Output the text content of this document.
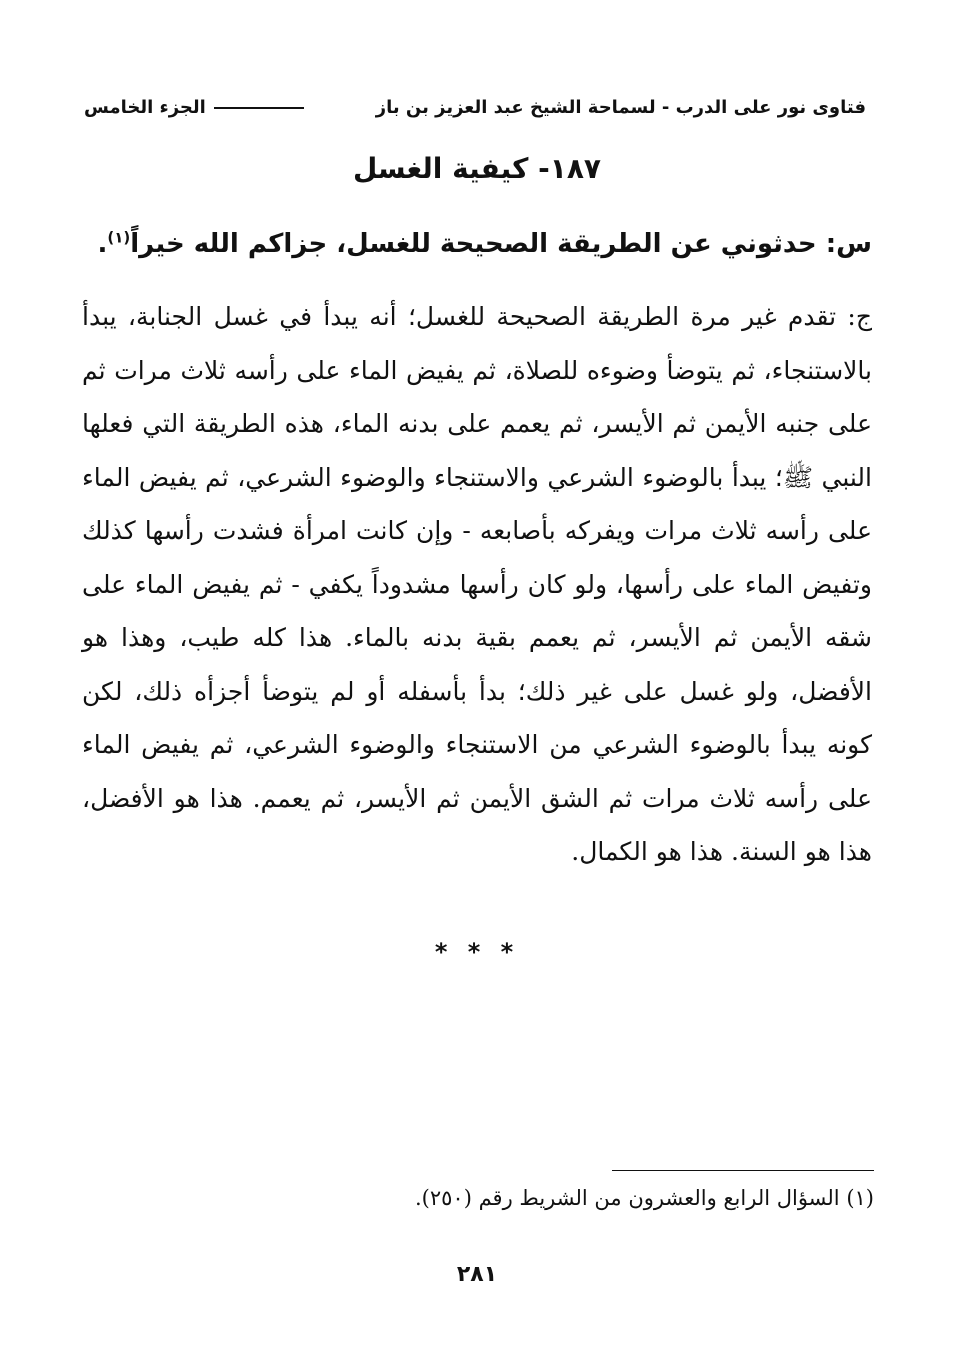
فتاوى نور على الدرب - لسماحة الشيخ عبد العزيز بن باز
الجزء الخامس
١٨٧- كيفية الغسل
س: حدثوني عن الطريقة الصحيحة للغسل، جزاكم الله خيراً$^{(١)}$.
ج: تقدم غير مرة الطريقة الصحيحة للغسل؛ أنه يبدأ في غسل الجنابة، يبدأ بالاستنجاء، ثم يتوضأ وضوءه للصلاة، ثم يفيض الماء على رأسه ثلاث مرات ثم على جنبه الأيمن ثم الأيسر، ثم يعمم على بدنه الماء، هذه الطريقة التي فعلها النبي ﷺ؛ يبدأ بالوضوء الشرعي والاستنجاء والوضوء الشرعي، ثم يفيض الماء على رأسه ثلاث مرات ويفركه بأصابعه - وإن كانت امرأة فشدت رأسها كذلك وتفيض الماء على رأسها، ولو كان رأسها مشدوداً يكفي - ثم يفيض الماء على شقه الأيمن ثم الأيسر، ثم يعمم بقية بدنه بالماء. هذا كله طيب، وهذا هو الأفضل، ولو غسل على غير ذلك؛ بدأ بأسفله أو لم يتوضأ أجزأه ذلك، لكن كونه يبدأ بالوضوء الشرعي من الاستنجاء والوضوء الشرعي، ثم يفيض الماء على رأسه ثلاث مرات ثم الشق الأيمن ثم الأيسر، ثم يعمم. هذا هو الأفضل، هذا هو السنة. هذا هو الكمال.
* * *
(١) السؤال الرابع والعشرون من الشريط رقم (٢٥٠).
٢٨١
